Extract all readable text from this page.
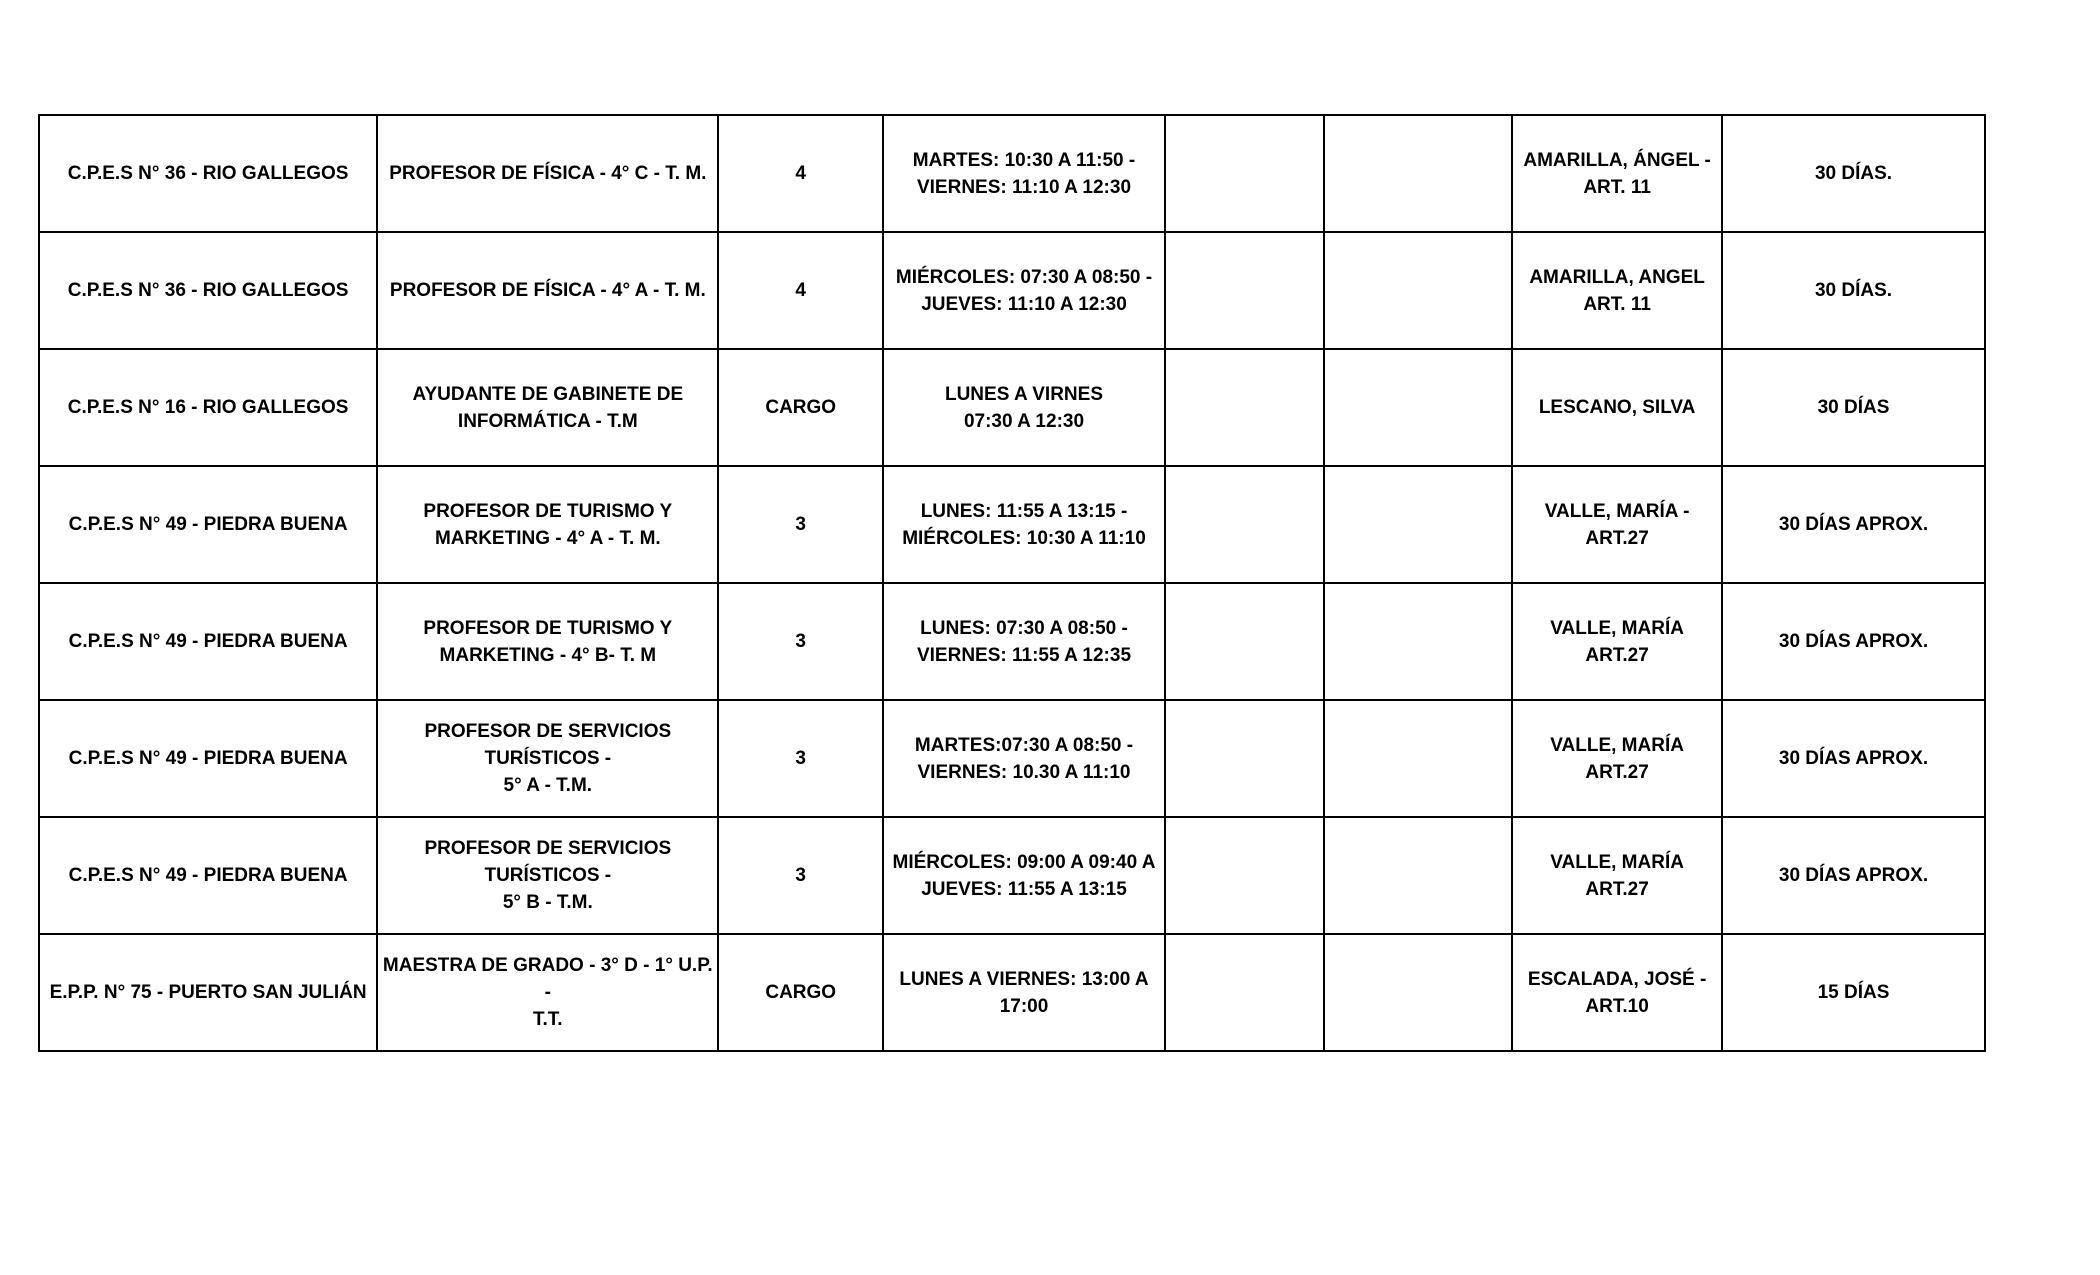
C.P.E.S N° 36 - RIO GALLEGOS	PROFESOR DE FÍSICA - 4° C - T. M.	4	MARTES: 10:30 A 11:50 -
VIERNES: 11:10 A 12:30			AMARILLA, ÁNGEL -
ART. 11	30 DÍAS.
C.P.E.S N° 36 - RIO GALLEGOS	PROFESOR DE FÍSICA - 4° A - T. M.	4	MIÉRCOLES: 07:30 A 08:50 -
JUEVES: 11:10 A 12:30			AMARILLA, ANGEL
ART. 11	30 DÍAS.
C.P.E.S N° 16 - RIO GALLEGOS	AYUDANTE DE GABINETE DE
INFORMÁTICA - T.M	CARGO	LUNES A VIRNES
07:30 A 12:30			LESCANO, SILVA	30 DÍAS
C.P.E.S N° 49 - PIEDRA BUENA	PROFESOR DE TURISMO Y
MARKETING - 4° A - T. M.	3	LUNES: 11:55 A 13:15 -
MIÉRCOLES: 10:30 A 11:10			VALLE, MARÍA - ART.27	30 DÍAS APROX.
C.P.E.S N° 49 - PIEDRA BUENA	PROFESOR DE TURISMO Y
MARKETING - 4° B- T. M	3	LUNES: 07:30 A 08:50 -
VIERNES: 11:55 A 12:35			VALLE, MARÍA
ART.27	30 DÍAS APROX.
C.P.E.S N° 49 - PIEDRA BUENA	PROFESOR DE SERVICIOS TURÍSTICOS -
5° A - T.M.	3	MARTES:07:30 A 08:50 -
VIERNES: 10.30 A 11:10			VALLE, MARÍA
ART.27	30 DÍAS APROX.
C.P.E.S N° 49 - PIEDRA BUENA	PROFESOR DE SERVICIOS TURÍSTICOS -
5° B - T.M.	3	MIÉRCOLES: 09:00 A 09:40 A
JUEVES: 11:55 A 13:15			VALLE, MARÍA
ART.27	30 DÍAS APROX.
E.P.P. N° 75 - PUERTO SAN JULIÁN	MAESTRA DE GRADO - 3° D - 1° U.P. -
T.T.	CARGO	LUNES A VIERNES: 13:00 A
17:00			ESCALADA, JOSÉ -
ART.10	15 DÍAS
